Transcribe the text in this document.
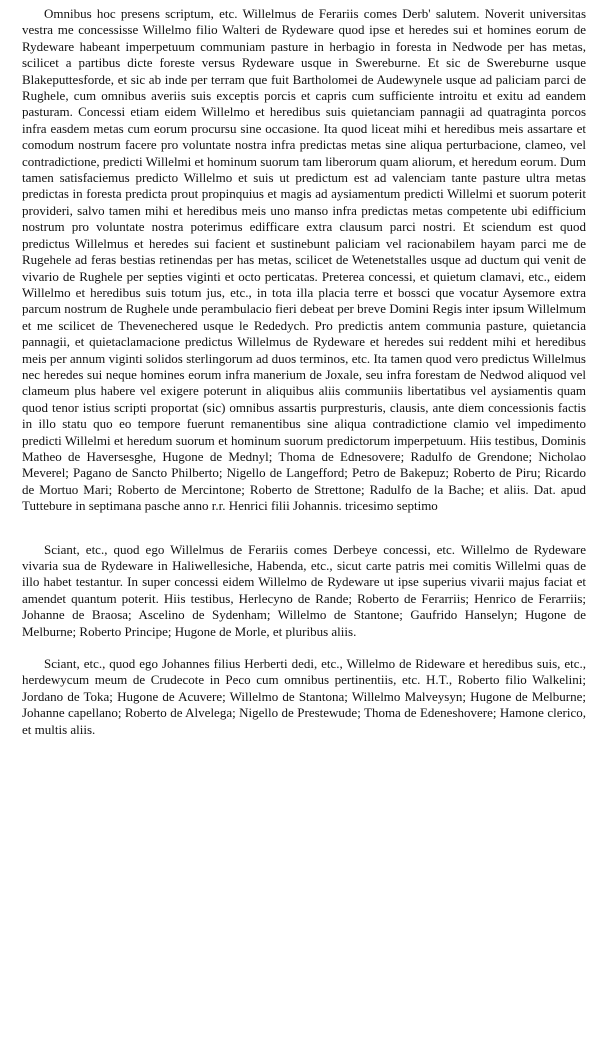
Omnibus hoc presens scriptum, etc. Willelmus de Ferariis comes Derb' salutem. Noverit universitas vestra me concessisse Willelmo filio Walteri de Rydeware quod ipse et heredes sui et homines eorum de Rydeware habeant imperpetuum communiam pasture in herbagio in foresta in Nedwode per has metas, scilicet a partibus dicte foreste versus Rydeware usque in Swereburne. Et sic de Swereburne usque Blakeputtesforde, et sic ab inde per terram que fuit Bartholomei de Audewynele usque ad paliciam parci de Rughele, cum omnibus averiis suis exceptis porcis et capris cum sufficiente introitu et exitu ad eandem pasturam. Concessi etiam eidem Willelmo et heredibus suis quietanciam pannagii ad quatraginta porcos infra easdem metas cum eorum procursu sine occasione. Ita quod liceat mihi et heredibus meis assartare et comodum nostrum facere pro voluntate nostra infra predictas metas sine aliqua perturbacione, clameo, vel contradictione, predicti Willelmi et hominum suorum tam liberorum quam aliorum, et heredum eorum. Dum tamen satisfaciemus predicto Willelmo et suis ut predictum est ad valenciam tante pasture ultra metas predictas in foresta predicta prout propinquius et magis ad aysiamentum predicti Willelmi et suorum poterit provideri, salvo tamen mihi et heredibus meis uno manso infra predictas metas competente ubi edifficium nostrum pro voluntate nostra poterimus edifficare extra clausum parci nostri. Et sciendum est quod predictus Willelmus et heredes sui facient et sustinebunt paliciam vel racionabilem hayam parci me de Rugehele ad feras bestias retinendas per has metas, scilicet de Wetenetstalles usque ad ductum qui venit de vivario de Rughele per septies viginti et octo perticatas. Preterea concessi, et quietum clamavi, etc., eidem Willelmo et heredibus suis totum jus, etc., in tota illa placia terre et bossci que vocatur Aysemore extra parcum nostrum de Rughele unde perambulacio fieri debeat per breve Domini Regis inter ipsum Willelmum et me scilicet de Thevenechered usque le Rededych. Pro predictis antem communia pasture, quietancia pannagii, et quietaclamacione predictus Willelmus de Rydeware et heredes sui reddent mihi et heredibus meis per annum viginti solidos sterlingorum ad duos terminos, etc. Ita tamen quod vero predictus Willelmus nec heredes sui neque homines eorum infra manerium de Joxale, seu infra forestam de Nedwod aliquod vel clameum plus habere vel exigere poterunt in aliquibus aliis communiis libertatibus vel aysiamentis quam quod tenor istius scripti proportat (sic) omnibus assartis purpresturis, clausis, ante diem concessionis factis in illo statu quo eo tempore fuerunt remanentibus sine aliqua contradictione clamio vel impedimento predicti Willelmi et heredum suorum et hominum suorum predictorum imperpetuum. Hiis testibus, Dominis Matheo de Haversesghe, Hugone de Mednyl; Thoma de Ednesovere; Radulfo de Grendone; Nicholao Meverel; Pagano de Sancto Philberto; Nigello de Langefford; Petro de Bakepuz; Roberto de Piru; Ricardo de Mortuo Mari; Roberto de Mercintone; Roberto de Strettone; Radulfo de la Bache; et aliis. Dat. apud Tuttebure in septimana pasche anno r.r. Henrici filii Johannis. tricesimo septimo

Sciant, etc., quod ego Willelmus de Ferariis comes Derbeye concessi, etc. Willelmo de Rydeware vivaria sua de Rydeware in Haliwellesiche, Habenda, etc., sicut carte patris mei comitis Willelmi quas de illo habet testantur. In super concessi eidem Willelmo de Rydeware ut ipse superius vivarii majus faciat et amendet quantum poterit. Hiis testibus, Herlecyno de Rande; Roberto de Ferarriis; Henrico de Ferarriis; Johanne de Braosa; Ascelino de Sydenham; Willelmo de Stantone; Gaufrido Hanselyn; Hugone de Melburne; Roberto Principe; Hugone de Morle, et pluribus aliis.

Sciant, etc., quod ego Johannes filius Herberti dedi, etc., Willelmo de Rideware et heredibus suis, etc., herdewycum meum de Crudecote in Peco cum omnibus pertinentiis, etc. H.T., Roberto filio Walkelini; Jordano de Toka; Hugone de Acuvere; Willelmo de Stantona; Willelmo Malveysyn; Hugone de Melburne; Johanne capellano; Roberto de Alvelega; Nigello de Prestewude; Thoma de Edeneshovere; Hamone clerico, et multis aliis.
